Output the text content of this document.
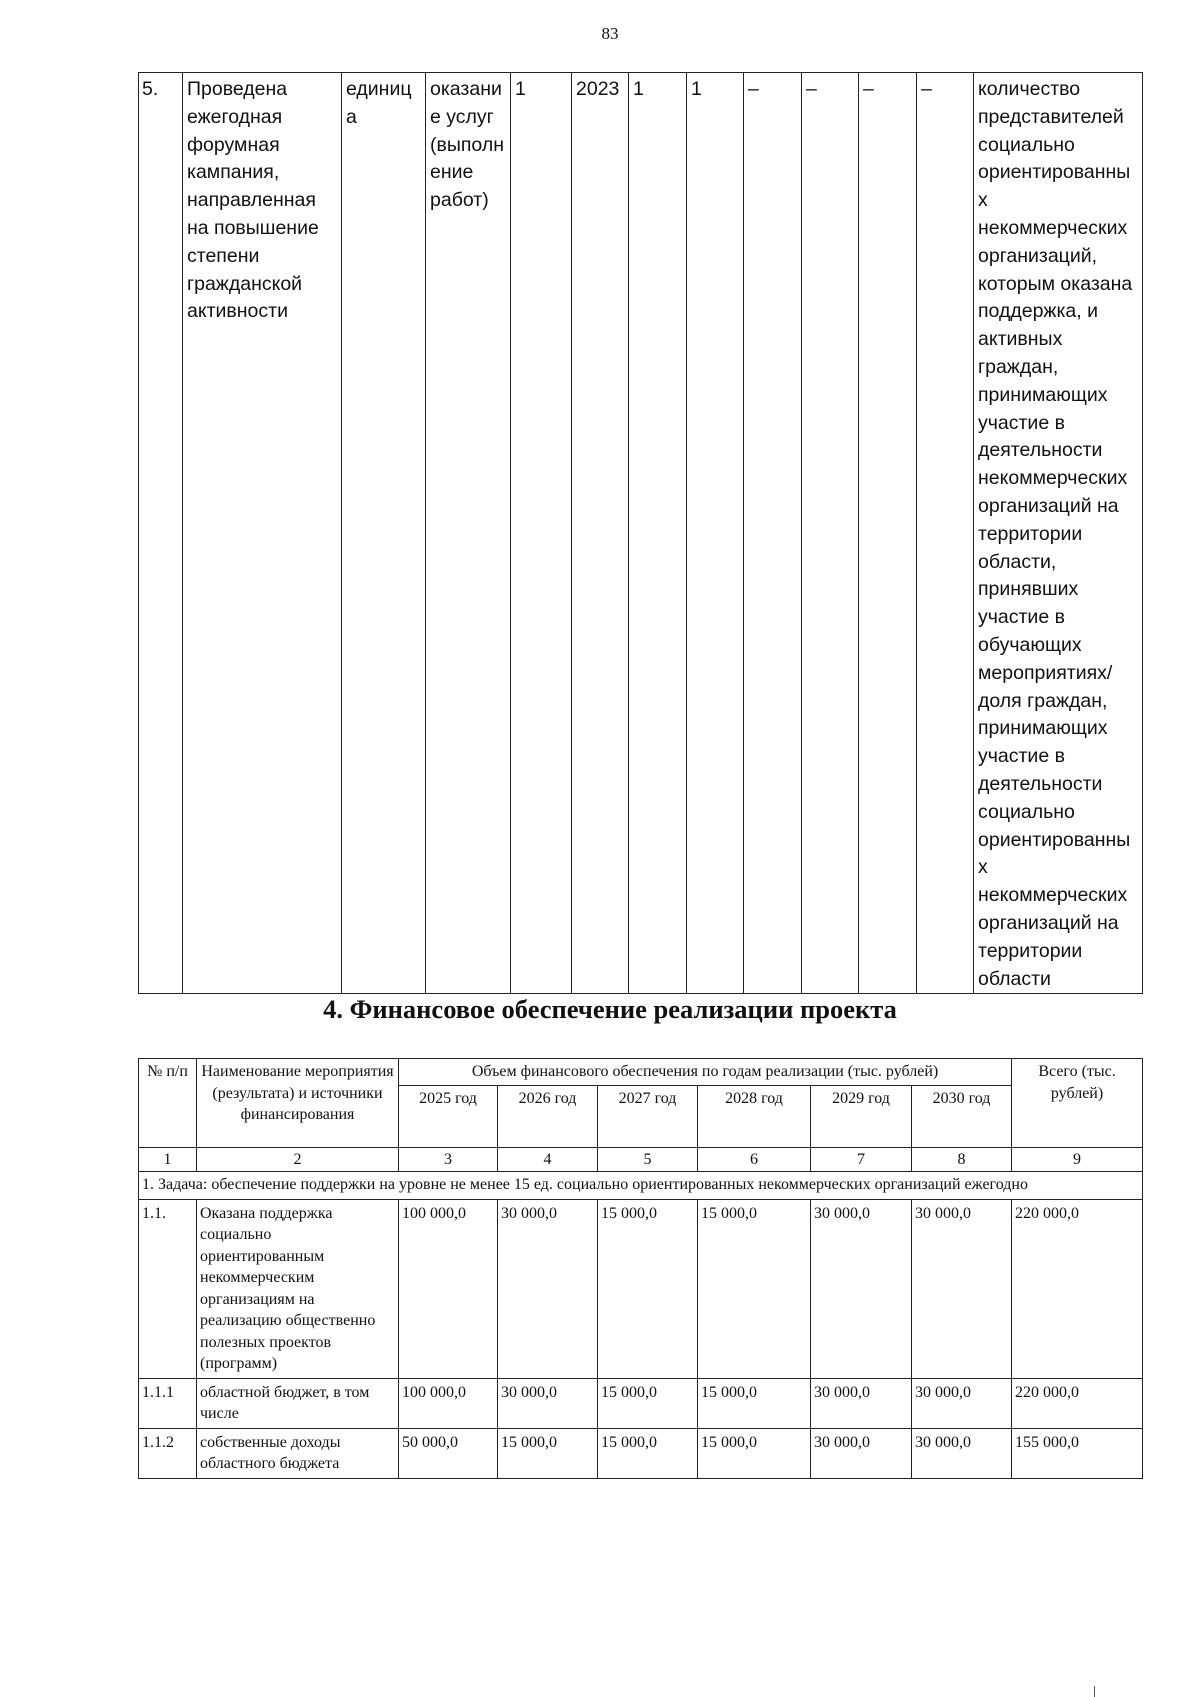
83
5.	Проведена ежегодная форумная кампания, направленная на повышение степени гражданской активности	единица	оказание услуг (выполнение работ)	1	2023	1	1	–	–	–	–	количество представителей социально ориентированных некоммерческих организаций, которым оказана поддержка, и активных граждан, принимающих участие в деятельности некоммерческих организаций на территории области, принявших участие в обучающих мероприятиях/доля граждан, принимающих участие в деятельности социально ориентированных некоммерческих организаций на территории области
4. Финансовое обеспечение реализации проекта
№ п/п	Наименование мероприятия (результата) и источники финансирования	Объем финансового обеспечения по годам реализации (тыс. рублей)						Всего (тыс. рублей)
		2025 год	2026 год	2027 год	2028 год	2029 год	2030 год	
1	2	3	4	5	6	7	8	9
1. Задача: обеспечение поддержки на уровне не менее 15 ед. социально ориентированных некоммерческих организаций ежегодно								
1.1.	Оказана поддержка социально ориентированным некоммерческим организациям на реализацию общественно полезных проектов (программ)	100 000,0	30 000,0	15 000,0	15 000,0	30 000,0	30 000,0	220 000,0
1.1.1	областной бюджет, в том числе	100 000,0	30 000,0	15 000,0	15 000,0	30 000,0	30 000,0	220 000,0
1.1.2	собственные доходы областного бюджета	50 000,0	15 000,0	15 000,0	15 000,0	30 000,0	30 000,0	155 000,0
